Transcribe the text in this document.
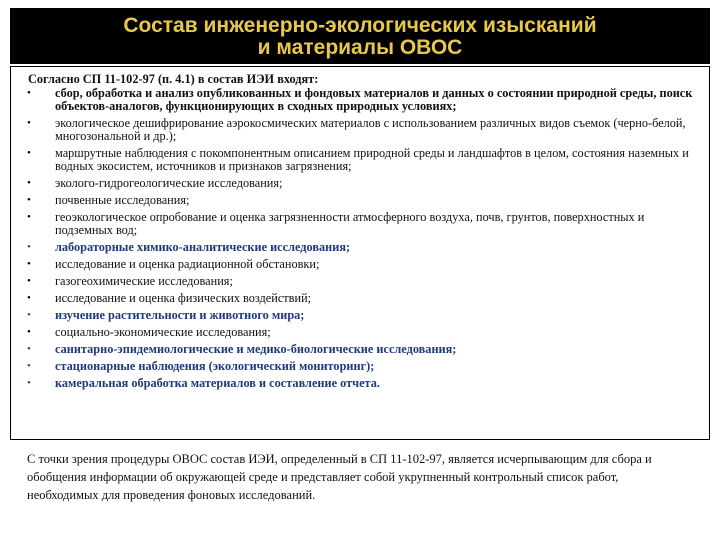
Состав инженерно-экологических изысканий
и материалы ОВОС
Согласно СП 11-102-97 (п. 4.1) в состав ИЭИ входят:
• сбор, обработка и анализ опубликованных и фондовых материалов и данных о состоянии природной среды, поиск объектов-аналогов, функционирующих в сходных природных условиях;
• экологическое дешифрирование аэрокосмических материалов с использованием различных видов съемок (черно-белой, многозональной и др.);
• маршрутные наблюдения с покомпонентным описанием природной среды и ландшафтов в целом, состояния наземных и водных экосистем, источников и признаков загрязнения;
• эколого-гидрогеологические исследования;
• почвенные исследования;
• геоэкологическое опробование и оценка загрязненности атмосферного воздуха, почв, грунтов, поверхностных и подземных вод;
• лабораторные химико-аналитические исследования;
• исследование и оценка радиационной обстановки;
• газогеохимические исследования;
• исследование и оценка физических воздействий;
• изучение растительности и животного мира;
• социально-экономические исследования;
• санитарно-эпидемиологические и медико-биологические исследования;
• стационарные наблюдения (экологический мониторинг);
• камеральная обработка материалов и составление отчета.
С точки зрения процедуры ОВОС состав ИЭИ, определенный в СП 11-102-97, является исчерпывающим для сбора и обобщения информации об окружающей среде и представляет собой укрупненный контрольный список работ, необходимых для проведения фоновых исследований.
